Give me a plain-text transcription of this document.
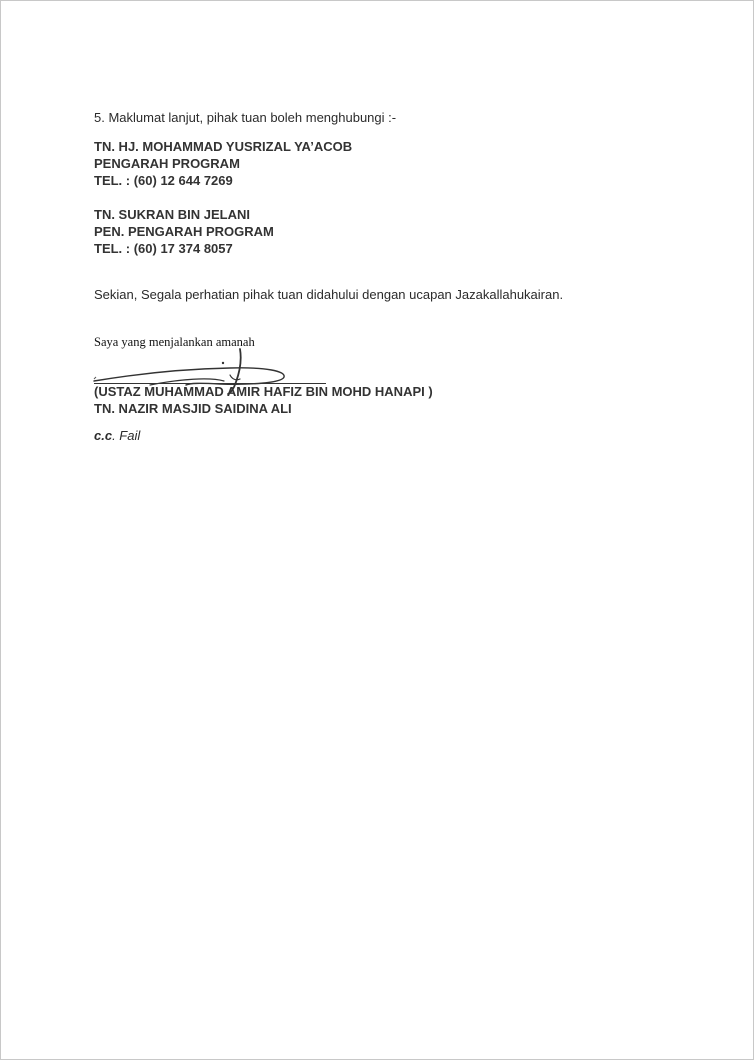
5. Maklumat lanjut, pihak tuan boleh menghubungi :-
TN. HJ. MOHAMMAD YUSRIZAL YA’ACOB
PENGARAH PROGRAM
TEL. : (60) 12 644 7269
TN. SUKRAN BIN JELANI
PEN. PENGARAH PROGRAM
TEL. : (60) 17 374 8057
Sekian, Segala perhatian pihak tuan didahului dengan ucapan Jazakallahukairan.
Saya yang menjalankan amanah
(USTAZ MUHAMMAD AMIR HAFIZ BIN MOHD HANAPI )
TN. NAZIR MASJID SAIDINA ALI
c.c. Fail
